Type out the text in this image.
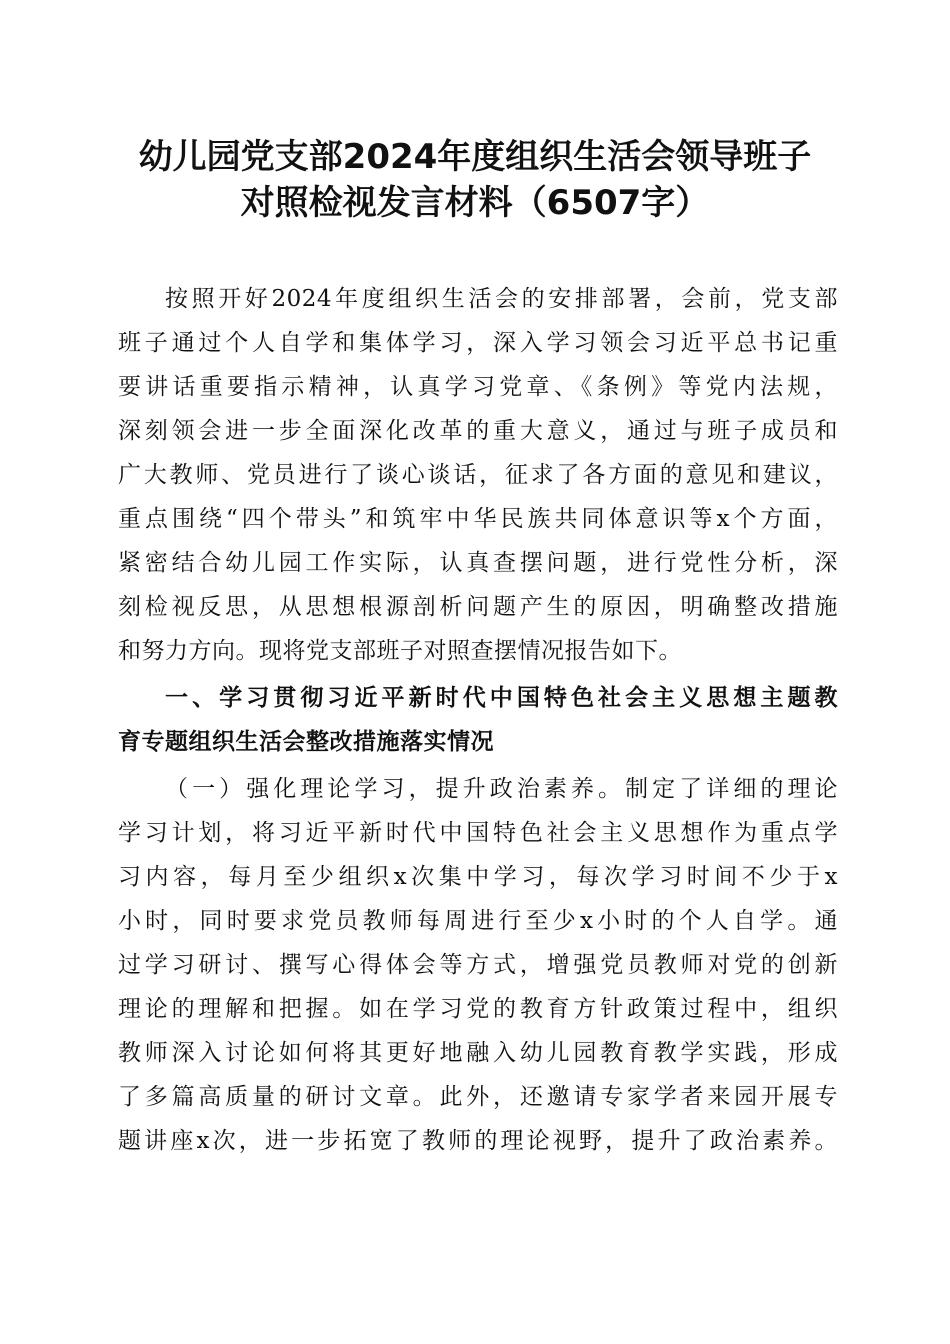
幼儿园党支部2024年度组织生活会领导班子
对照检视发言材料（6507字）
按照开好2024年度组织生活会的安排部署，会前，党支部
班子通过个人自学和集体学习，深入学习领会习近平总书记重
要讲话重要指示精神，认真学习党章、《条例》等党内法规，
深刻领会进一步全面深化改革的重大意义，通过与班子成员和
广大教师、党员进行了谈心谈话，征求了各方面的意见和建议，
重点围绕“四个带头”和筑牢中华民族共同体意识等x个方面，
紧密结合幼儿园工作实际，认真查摆问题，进行党性分析，深
刻检视反思，从思想根源剖析问题产生的原因，明确整改措施
和努力方向。现将党支部班子对照查摆情况报告如下。
一、学习贯彻习近平新时代中国特色社会主义思想主题教
育专题组织生活会整改措施落实情况
（一）强化理论学习，提升政治素养。制定了详细的理论
学习计划，将习近平新时代中国特色社会主义思想作为重点学
习内容，每月至少组织x次集中学习，每次学习时间不少于x
小时，同时要求党员教师每周进行至少x小时的个人自学。通
过学习研讨、撰写心得体会等方式，增强党员教师对党的创新
理论的理解和把握。如在学习党的教育方针政策过程中，组织
教师深入讨论如何将其更好地融入幼儿园教育教学实践，形成
了多篇高质量的研讨文章。此外，还邀请专家学者来园开展专
题讲座x次，进一步拓宽了教师的理论视野，提升了政治素养。
